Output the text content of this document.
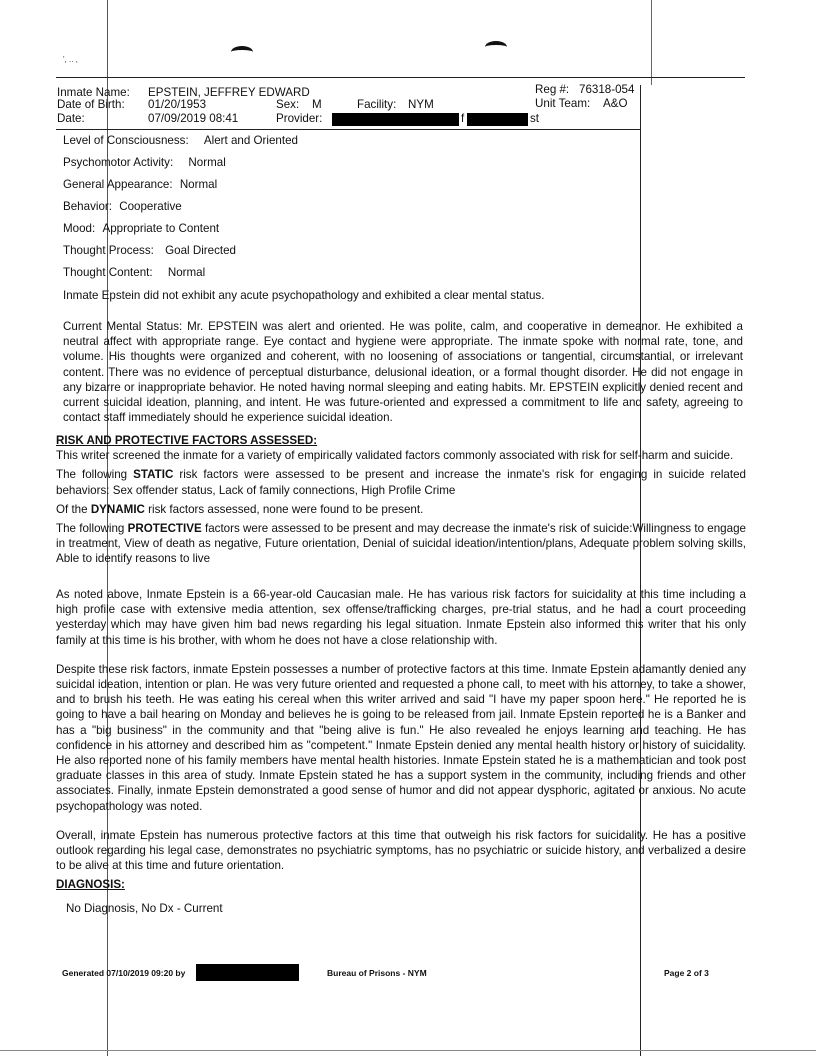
', .. ,
Inmate Name: EPSTEIN, JEFFREY EDWARD	Reg #: 76318-054
Date of Birth: 01/20/1953	Sex: M	Facility: NYM	Unit Team: A&O
Date:	07/09/2019 08:41	Provider:	f	st
Level of Consciousness: Alert and Oriented
Psychomotor Activity: Normal
General Appearance: Normal
Behavior: Cooperative
Mood: Appropriate to Content
Thought Process: Goal Directed
Thought Content: Normal
Inmate Epstein did not exhibit any acute psychopathology and exhibited a clear mental status.

Current Mental Status: Mr. EPSTEIN was alert and oriented. He was polite, calm, and cooperative in demeanor. He exhibited a neutral affect with appropriate range. Eye contact and hygiene were appropriate. The inmate spoke with normal rate, tone, and volume. His thoughts were organized and coherent, with no loosening of associations or tangential, circumstantial, or irrelevant content. There was no evidence of perceptual disturbance, delusional ideation, or a formal thought disorder. He did not engage in any bizarre or inappropriate behavior. He noted having normal sleeping and eating habits. Mr. EPSTEIN explicitly denied recent and current suicidal ideation, planning, and intent. He was future-oriented and expressed a commitment to life and safety, agreeing to contact staff immediately should he experience suicidal ideation.

RISK AND PROTECTIVE FACTORS ASSESSED:

This writer screened the inmate for a variety of empirically validated factors commonly associated with risk for self-harm and suicide.

The following STATIC risk factors were assessed to be present and increase the inmate's risk for engaging in suicide related behaviors: Sex offender status, Lack of family connections, High Profile Crime

Of the DYNAMIC risk factors assessed, none were found to be present.

The following PROTECTIVE factors were assessed to be present and may decrease the inmate's risk of suicide:Willingness to engage in treatment, View of death as negative, Future orientation, Denial of suicidal ideation/intention/plans, Adequate problem solving skills, Able to identify reasons to live

As noted above, Inmate Epstein is a 66-year-old Caucasian male. He has various risk factors for suicidality at this time including a high profile case with extensive media attention, sex offense/trafficking charges, pre-trial status, and he had a court proceeding yesterday which may have given him bad news regarding his legal situation. Inmate Epstein also informed this writer that his only family at this time is his brother, with whom he does not have a close relationship with.

Despite these risk factors, inmate Epstein possesses a number of protective factors at this time. Inmate Epstein adamantly denied any suicidal ideation, intention or plan. He was very future oriented and requested a phone call, to meet with his attorney, to take a shower, and to brush his teeth. He was eating his cereal when this writer arrived and said "I have my paper spoon here." He reported he is going to have a bail hearing on Monday and believes he is going to be released from jail. Inmate Epstein reported he is a Banker and has a "big business" in the community and that "being alive is fun." He also revealed he enjoys learning and teaching. He has confidence in his attorney and described him as "competent." Inmate Epstein denied any mental health history or history of suicidality. He also reported none of his family members have mental health histories. Inmate Epstein stated he is a mathematician and took post graduate classes in this area of study. Inmate Epstein stated he has a support system in the community, including friends and other associates. Finally, inmate Epstein demonstrated a good sense of humor and did not appear dysphoric, agitated or anxious. No acute psychopathology was noted.

Overall, inmate Epstein has numerous protective factors at this time that outweigh his risk factors for suicidality. He has a positive outlook regarding his legal case, demonstrates no psychiatric symptoms, has no psychiatric or suicide history, and verbalized a desire to be alive at this time and future orientation.

DIAGNOSIS:
No Diagnosis, No Dx - Current
Generated 07/10/2019 09:20 by	Bureau of Prisons - NYM	Page 2 of 3
